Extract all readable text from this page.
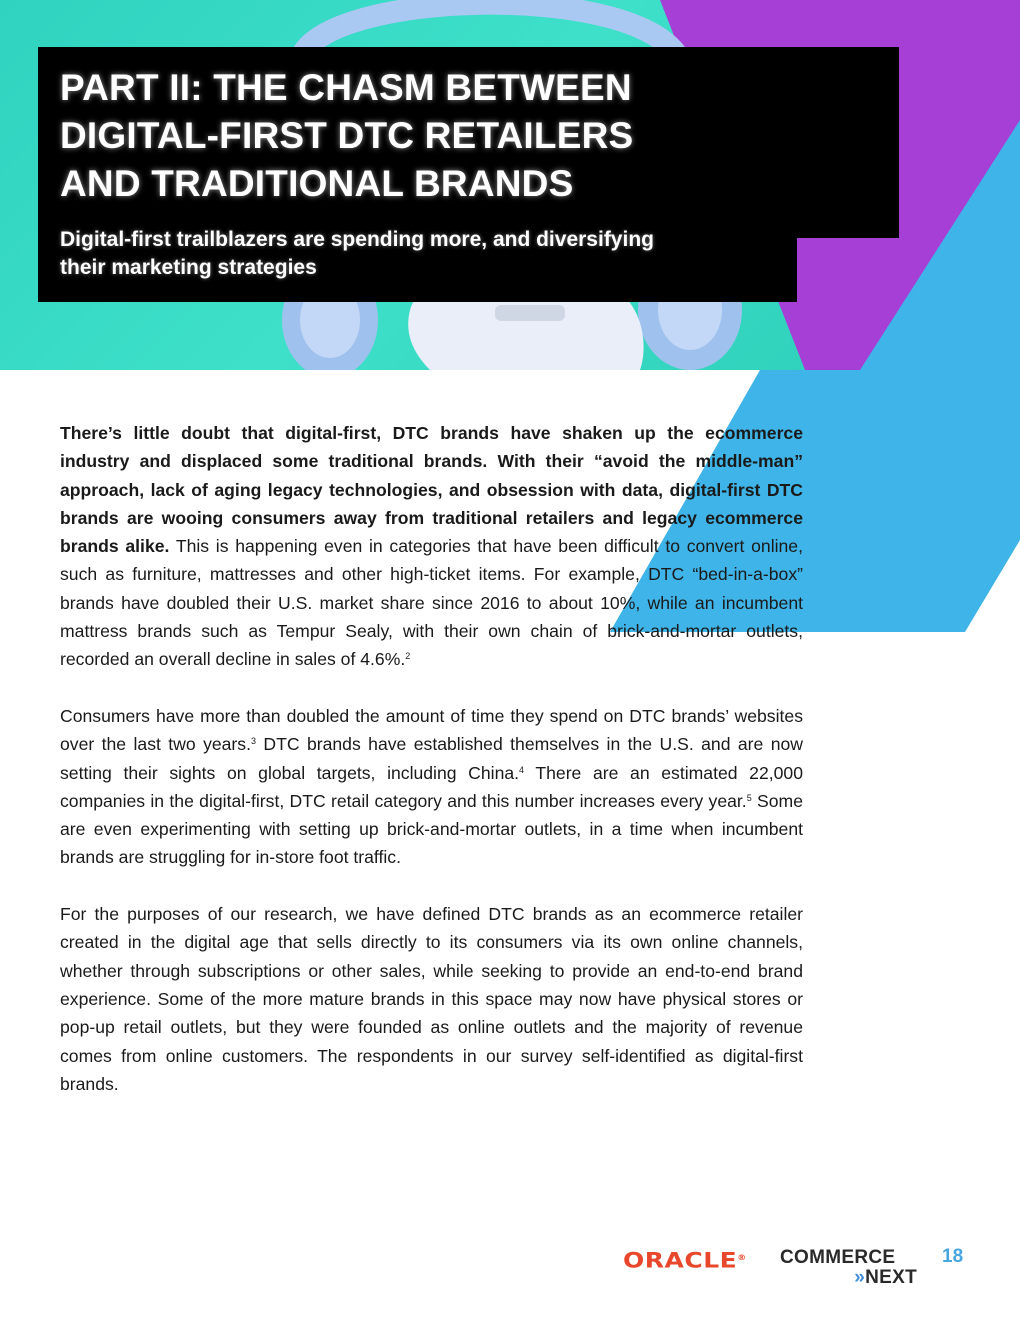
PART II: THE CHASM BETWEEN
DIGITAL-FIRST DTC RETAILERS
AND TRADITIONAL BRANDS
Digital-first trailblazers are spending more, and diversifying
their marketing strategies

There’s little doubt that digital-first, DTC brands have shaken up the ecommerce industry and displaced some traditional brands. With their “avoid the middle-man” approach, lack of aging legacy technologies, and obsession with data, digital-first DTC brands are wooing consumers away from traditional retailers and legacy ecommerce brands alike. This is happening even in categories that have been difficult to convert online, such as furniture, mattresses and other high-ticket items. For example, DTC “bed-in-a-box” brands have doubled their U.S. market share since 2016 to about 10%, while an incumbent mattress brands such as Tempur Sealy, with their own chain of brick-and-mortar outlets, recorded an overall decline in sales of 4.6%.$^2$

Consumers have more than doubled the amount of time they spend on DTC brands’ websites over the last two years.$^3$ DTC brands have established themselves in the U.S. and are now setting their sights on global targets, including China.$^4$ There are an estimated 22,000 companies in the digital-first, DTC retail category and this number increases every year.$^5$ Some are even experimenting with setting up brick-and-mortar outlets, in a time when incumbent brands are struggling for in-store foot traffic.

For the purposes of our research, we have defined DTC brands as an ecommerce retailer created in the digital age that sells directly to its consumers via its own online channels, whether through subscriptions or other sales, while seeking to provide an end-to-end brand experience. Some of the more mature brands in this space may now have physical stores or pop-up retail outlets, but they were founded as online outlets and the majority of revenue comes from online customers. The respondents in our survey self-identified as digital-first brands.

ORACLE® COMMERCE
»NEXT
18
